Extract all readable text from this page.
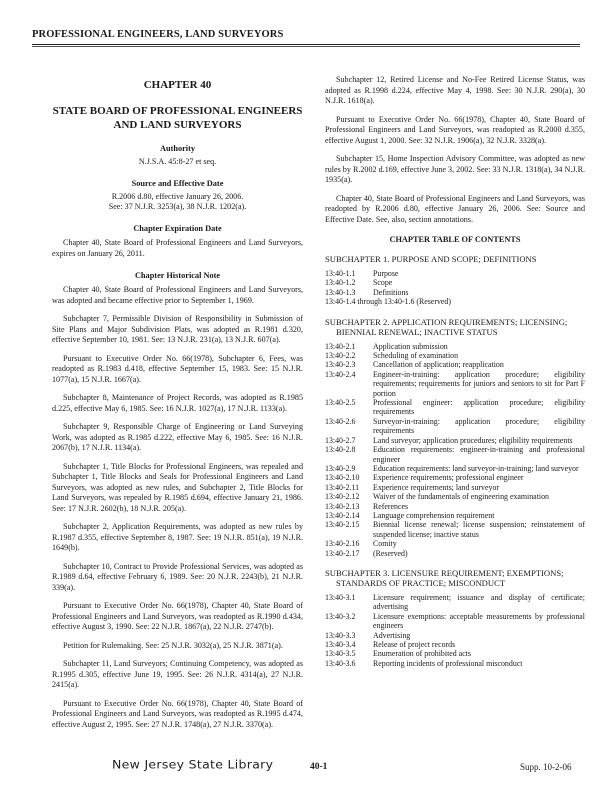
PROFESSIONAL ENGINEERS, LAND SURVEYORS
CHAPTER 40
STATE BOARD OF PROFESSIONAL ENGINEERS
AND LAND SURVEYORS
Authority
N.J.S.A. 45:8-27 et seq.
Source and Effective Date
R.2006 d.80, effective January 26, 2006.
See: 37 N.J.R. 3253(a), 38 N.J.R. 1202(a).
Chapter Expiration Date

Chapter 40, State Board of Professional Engineers and Land Surveyors, expires on January 26, 2011.

Chapter Historical Note

Chapter 40, State Board of Professional Engineers and Land Surveyors, was adopted and became effective prior to September 1, 1969.

Subchapter 7, Permissible Division of Responsibility in Submission of Site Plans and Major Subdivision Plats, was adopted as R.1981 d.320, effective September 10, 1981. See: 13 N.J.R. 231(a), 13 N.J.R. 607(a).

Pursuant to Executive Order No. 66(1978), Subchapter 6, Fees, was readopted as R.1983 d.418, effective September 15, 1983. See: 15 N.J.R. 1077(a), 15 N.J.R. 1667(a).

Subchapter 8, Maintenance of Project Records, was adopted as R.1985 d.225, effective May 6, 1985. See: 16 N.J.R. 1027(a), 17 N.J.R. 1133(a).

Subchapter 9, Responsible Charge of Engineering or Land Surveying Work, was adopted as R.1985 d.222, effective May 6, 1985. See: 16 N.J.R. 2067(b), 17 N.J.R. 1134(a).

Subchapter 1, Title Blocks for Professional Engineers, was repealed and Subchapter 1, Title Blocks and Seals for Professional Engineers and Land Surveyors, was adopted as new rules, and Subchapter 2, Title Blocks for Land Surveyors, was repealed by R.1985 d.694, effective January 21, 1986. See: 17 N.J.R. 2602(b), 18 N.J.R. 205(a).

Subchapter 2, Application Requirements, was adopted as new rules by R.1987 d.355, effective September 8, 1987. See: 19 N.J.R. 851(a), 19 N.J.R. 1649(b).

Subchapter 10, Contract to Provide Professional Services, was adopted as R.1989 d.64, effective February 6, 1989. See: 20 N.J.R. 2243(b), 21 N.J.R. 339(a).

Pursuant to Executive Order No. 66(1978), Chapter 40, State Board of Professional Engineers and Land Surveyors, was readopted as R.1990 d.434, effective August 3, 1990. See: 22 N.J.R. 1867(a), 22 N.J.R. 2747(b).

Petition for Rulemaking. See: 25 N.J.R. 3032(a), 25 N.J.R. 3871(a).

Subchapter 11, Land Surveyors; Continuing Competency, was adopted as R.1995 d.305, effective June 19, 1995. See: 26 N.J.R. 4314(a), 27 N.J.R. 2415(a).

Pursuant to Executive Order No. 66(1978), Chapter 40, State Board of Professional Engineers and Land Surveyors, was readopted as R.1995 d.474, effective August 2, 1995. See: 27 N.J.R. 1748(a), 27 N.J.R. 3370(a).

Subchapter 12, Retired License and No-Fee Retired License Status, was adopted as R.1998 d.224, effective May 4, 1998. See: 30 N.J.R. 290(a), 30 N.J.R. 1618(a).

Pursuant to Executive Order No. 66(1978), Chapter 40, State Board of Professional Engineers and Land Surveyors, was readopted as R.2000 d.355, effective August 1, 2000. See: 32 N.J.R. 1906(a), 32 N.J.R. 3328(a).

Subchapter 15, Home Inspection Advisory Committee, was adopted as new rules by R.2002 d.169, effective June 3, 2002. See: 33 N.J.R. 1318(a), 34 N.J.R. 1935(a).

Chapter 40, State Board of Professional Engineers and Land Surveyors, was readopted by R.2006 d.80, effective January 26, 2006. See: Source and Effective Date. See, also, section annotations.

CHAPTER TABLE OF CONTENTS
SUBCHAPTER 1. PURPOSE AND SCOPE; DEFINITIONS
13:40-1.1	Purpose
13:40-1.2	Scope
13:40-1.3	Definitions
13:40-1.4 through 13:40-1.6 (Reserved)
SUBCHAPTER 2. APPLICATION REQUIREMENTS; LICENSING; BIENNIAL RENEWAL; INACTIVE STATUS
13:40-2.1	Application submission
13:40-2.2	Scheduling of examination
13:40-2.3	Cancellation of application; reapplication
13:40-2.4	Engineer-in-training: application procedure; eligibility requirements; requirements for juniors and seniors to sit for Part F portion
13:40-2.5	Professional engineer: application procedure; eligibility requirements
13:40-2.6	Surveyor-in-training: application procedure; eligibility requirements
13:40-2.7	Land surveyor; application procedures; eligibility requirements
13:40-2.8	Education requirements: engineer-in-training and professional engineer
13:40-2.9	Education requirements: land surveyor-in-training; land surveyor
13:40-2.10	Experience requirements; professional engineer
13:40-2.11	Experience requirements; land surveyor
13:40-2.12	Waiver of the fundamentals of engineering examination
13:40-2.13	References
13:40-2.14	Language comprehension requirement
13:40-2.15	Biennial license renewal; license suspension; reinstatement of suspended license; inactive status
13:40-2.16	Comity
13:40-2.17	(Reserved)
SUBCHAPTER 3. LICENSURE REQUIREMENT; EXEMPTIONS; STANDARDS OF PRACTICE; MISCONDUCT
13:40-3.1	Licensure requirement; issuance and display of certificate; advertising
13:40-3.2	Licensure exemptions: acceptable measurements by professional engineers
13:40-3.3	Advertising
13:40-3.4	Release of project records
13:40-3.5	Enumeration of prohibited acts
13:40-3.6	Reporting incidents of professional misconduct
New Jersey State Library	40-1	Supp. 10-2-06
